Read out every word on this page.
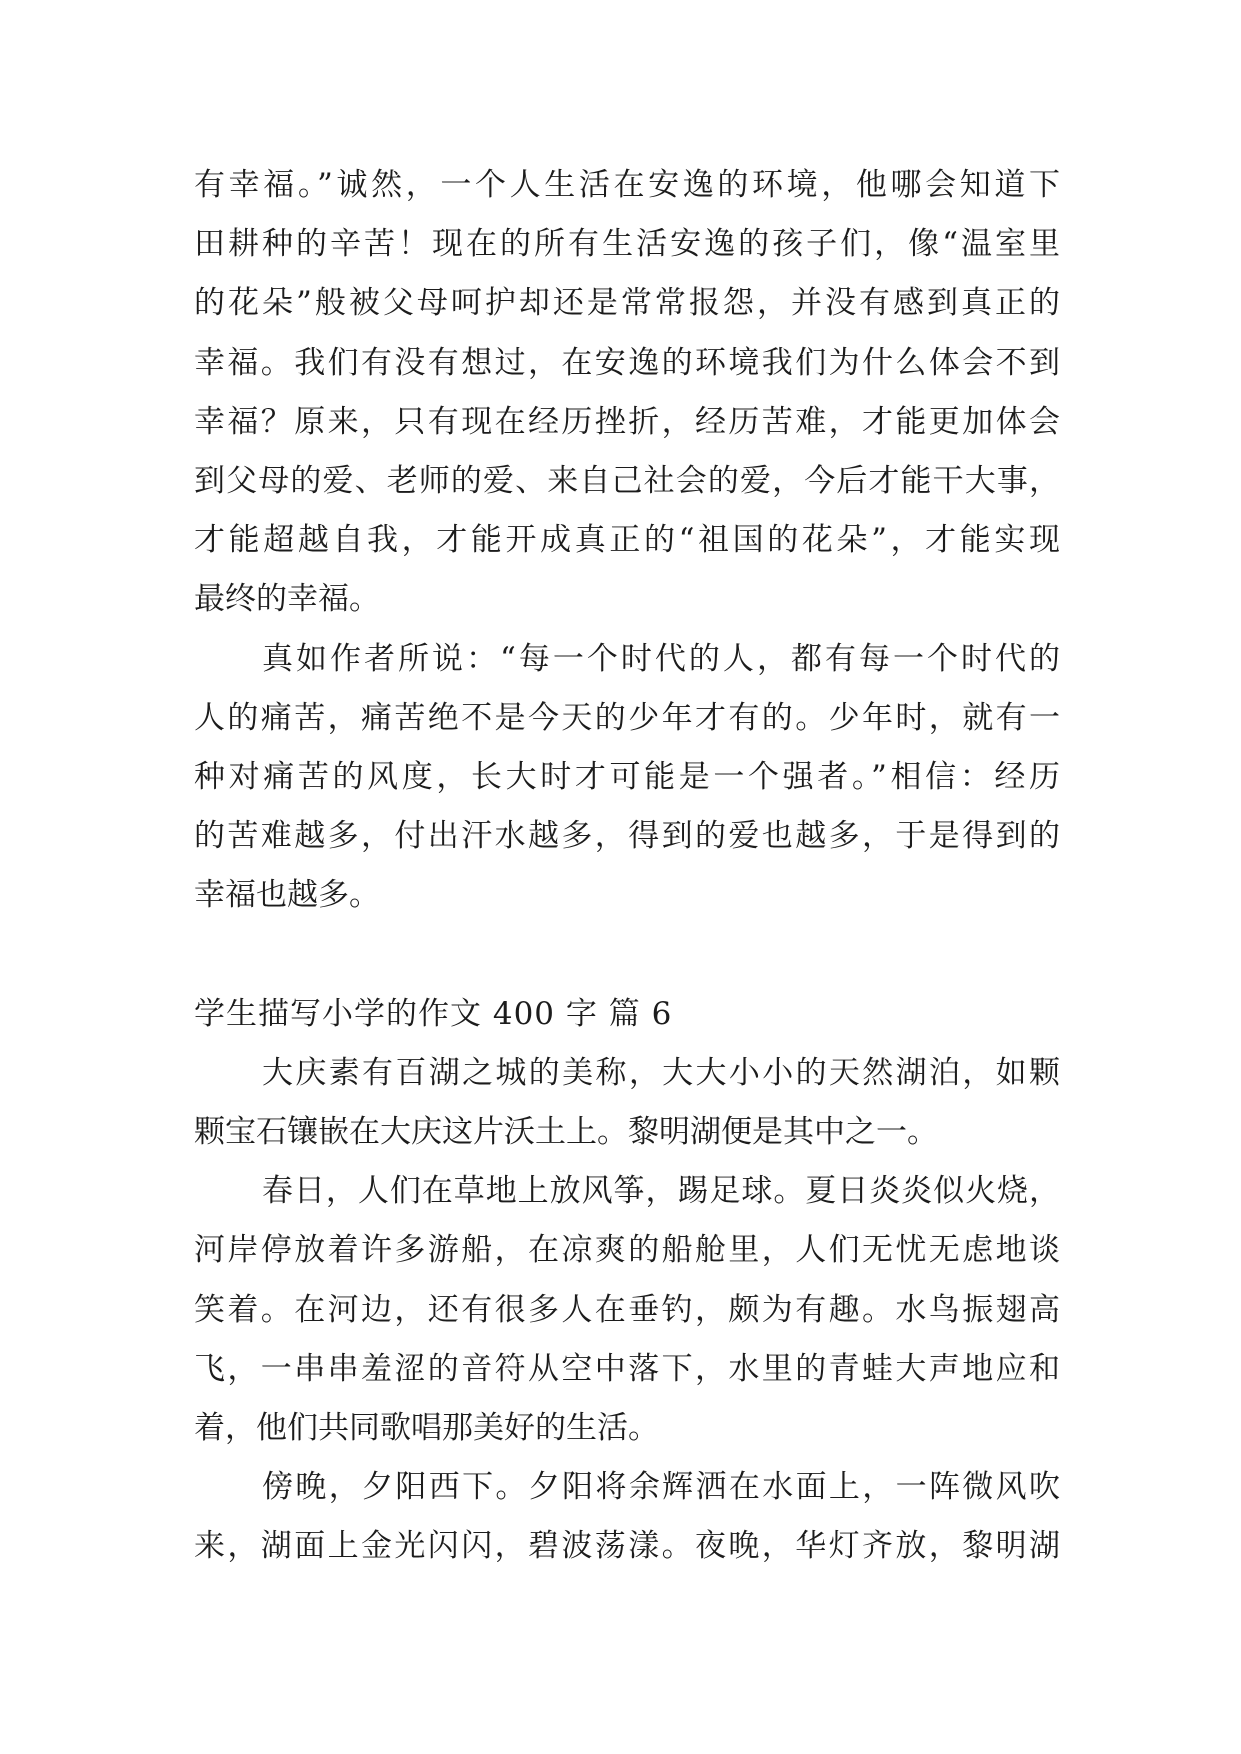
有幸福。”诚然，一个人生活在安逸的环境，他哪会知道下
田耕种的辛苦！现在的所有生活安逸的孩子们，像“温室里
的花朵”般被父母呵护却还是常常报怨，并没有感到真正的
幸福。我们有没有想过，在安逸的环境我们为什么体会不到
幸福？原来，只有现在经历挫折，经历苦难，才能更加体会
到父母的爱、老师的爱、来自己社会的爱，今后才能干大事，
才能超越自我，才能开成真正的“祖国的花朵”，才能实现
最终的幸福。
真如作者所说：“每一个时代的人，都有每一个时代的
人的痛苦，痛苦绝不是今天的少年才有的。少年时，就有一
种对痛苦的风度，长大时才可能是一个强者。”相信：经历
的苦难越多，付出汗水越多，得到的爱也越多，于是得到的
幸福也越多。
学生描写小学的作文 400 字 篇 6
大庆素有百湖之城的美称，大大小小的天然湖泊，如颗
颗宝石镶嵌在大庆这片沃土上。黎明湖便是其中之一。
春日，人们在草地上放风筝，踢足球。夏日炎炎似火烧，
河岸停放着许多游船，在凉爽的船舱里，人们无忧无虑地谈
笑着。在河边，还有很多人在垂钓，颇为有趣。水鸟振翅高
飞，一串串羞涩的音符从空中落下，水里的青蛙大声地应和
着，他们共同歌唱那美好的生活。
傍晚，夕阳西下。夕阳将余辉洒在水面上，一阵微风吹
来，湖面上金光闪闪，碧波荡漾。夜晚，华灯齐放，黎明湖
